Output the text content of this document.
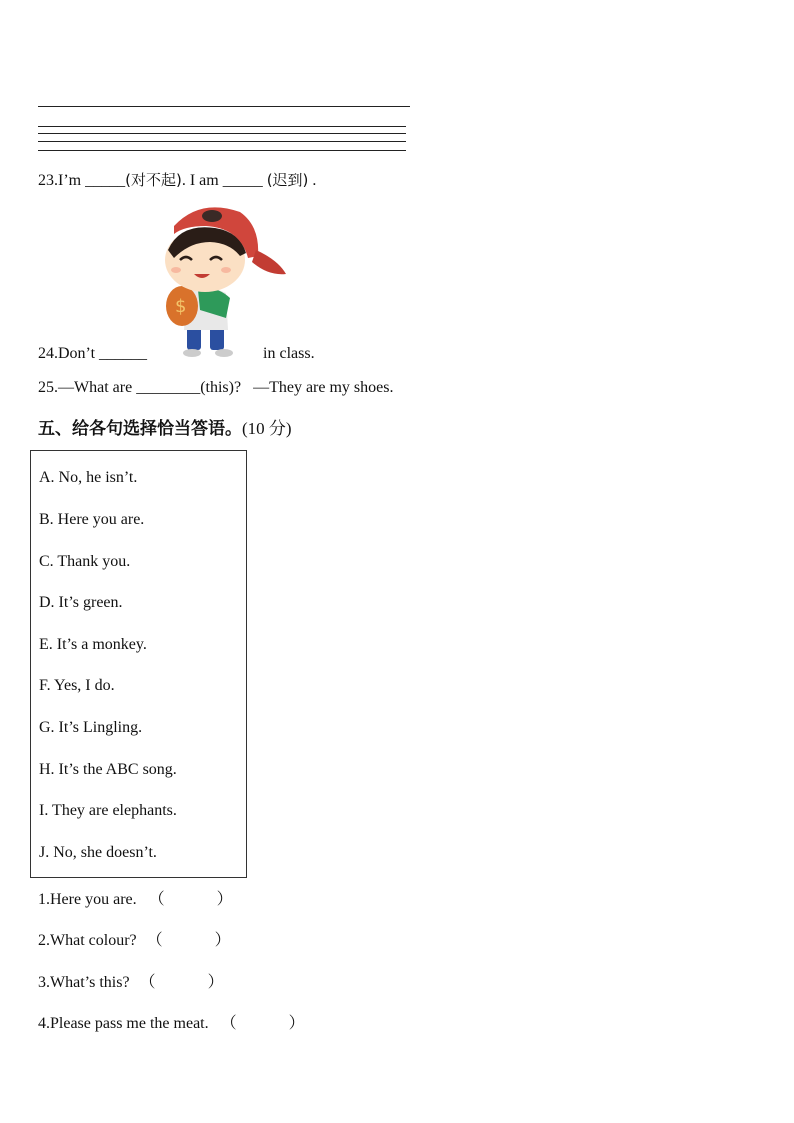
23.I’m _____(对不起). I am _____ (迟到) .
$
24.Don’t ______	in class.
25.—What are ________(this)? —They are my shoes.
五、给各句选择恰当答语。(10 分)
A. No, he isn’t.
B. Here you are.
C. Thank you.
D. It’s green.
E. It’s a monkey.
F. Yes, I do.
G. It’s Lingling.
H. It’s the ABC song.
I. They are elephants.
J. No, she doesn’t.
1.Here you are. （	）
2.What colour? （	）
3.What’s this? （	）
4.Please pass me the meat. （	）
